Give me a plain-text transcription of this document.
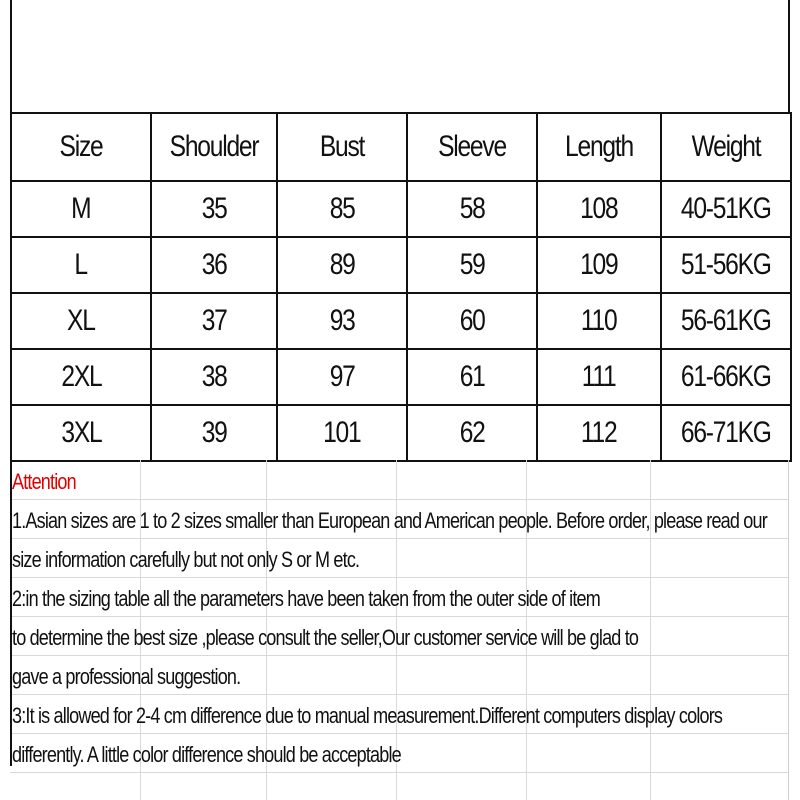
Size	Shoulder	Bust	Sleeve	Length	Weight
M	35	85	58	108	40-51KG
L	36	89	59	109	51-56KG
XL	37	93	60	110	56-61KG
2XL	38	97	61	111	61-66KG
3XL	39	101	62	112	66-71KG
Attention
1.Asian sizes are 1 to 2 sizes smaller than European and American people. Before order, please read our
size information carefully but not only S or M etc.
2:in the sizing table all the parameters have been taken from the outer side of item
to determine the best size ,please consult the seller,Our customer service will be glad to
gave a professional suggestion.
3:It is allowed for 2-4 cm difference due to manual measurement.Different computers display colors
differently. A little color difference should be acceptable
